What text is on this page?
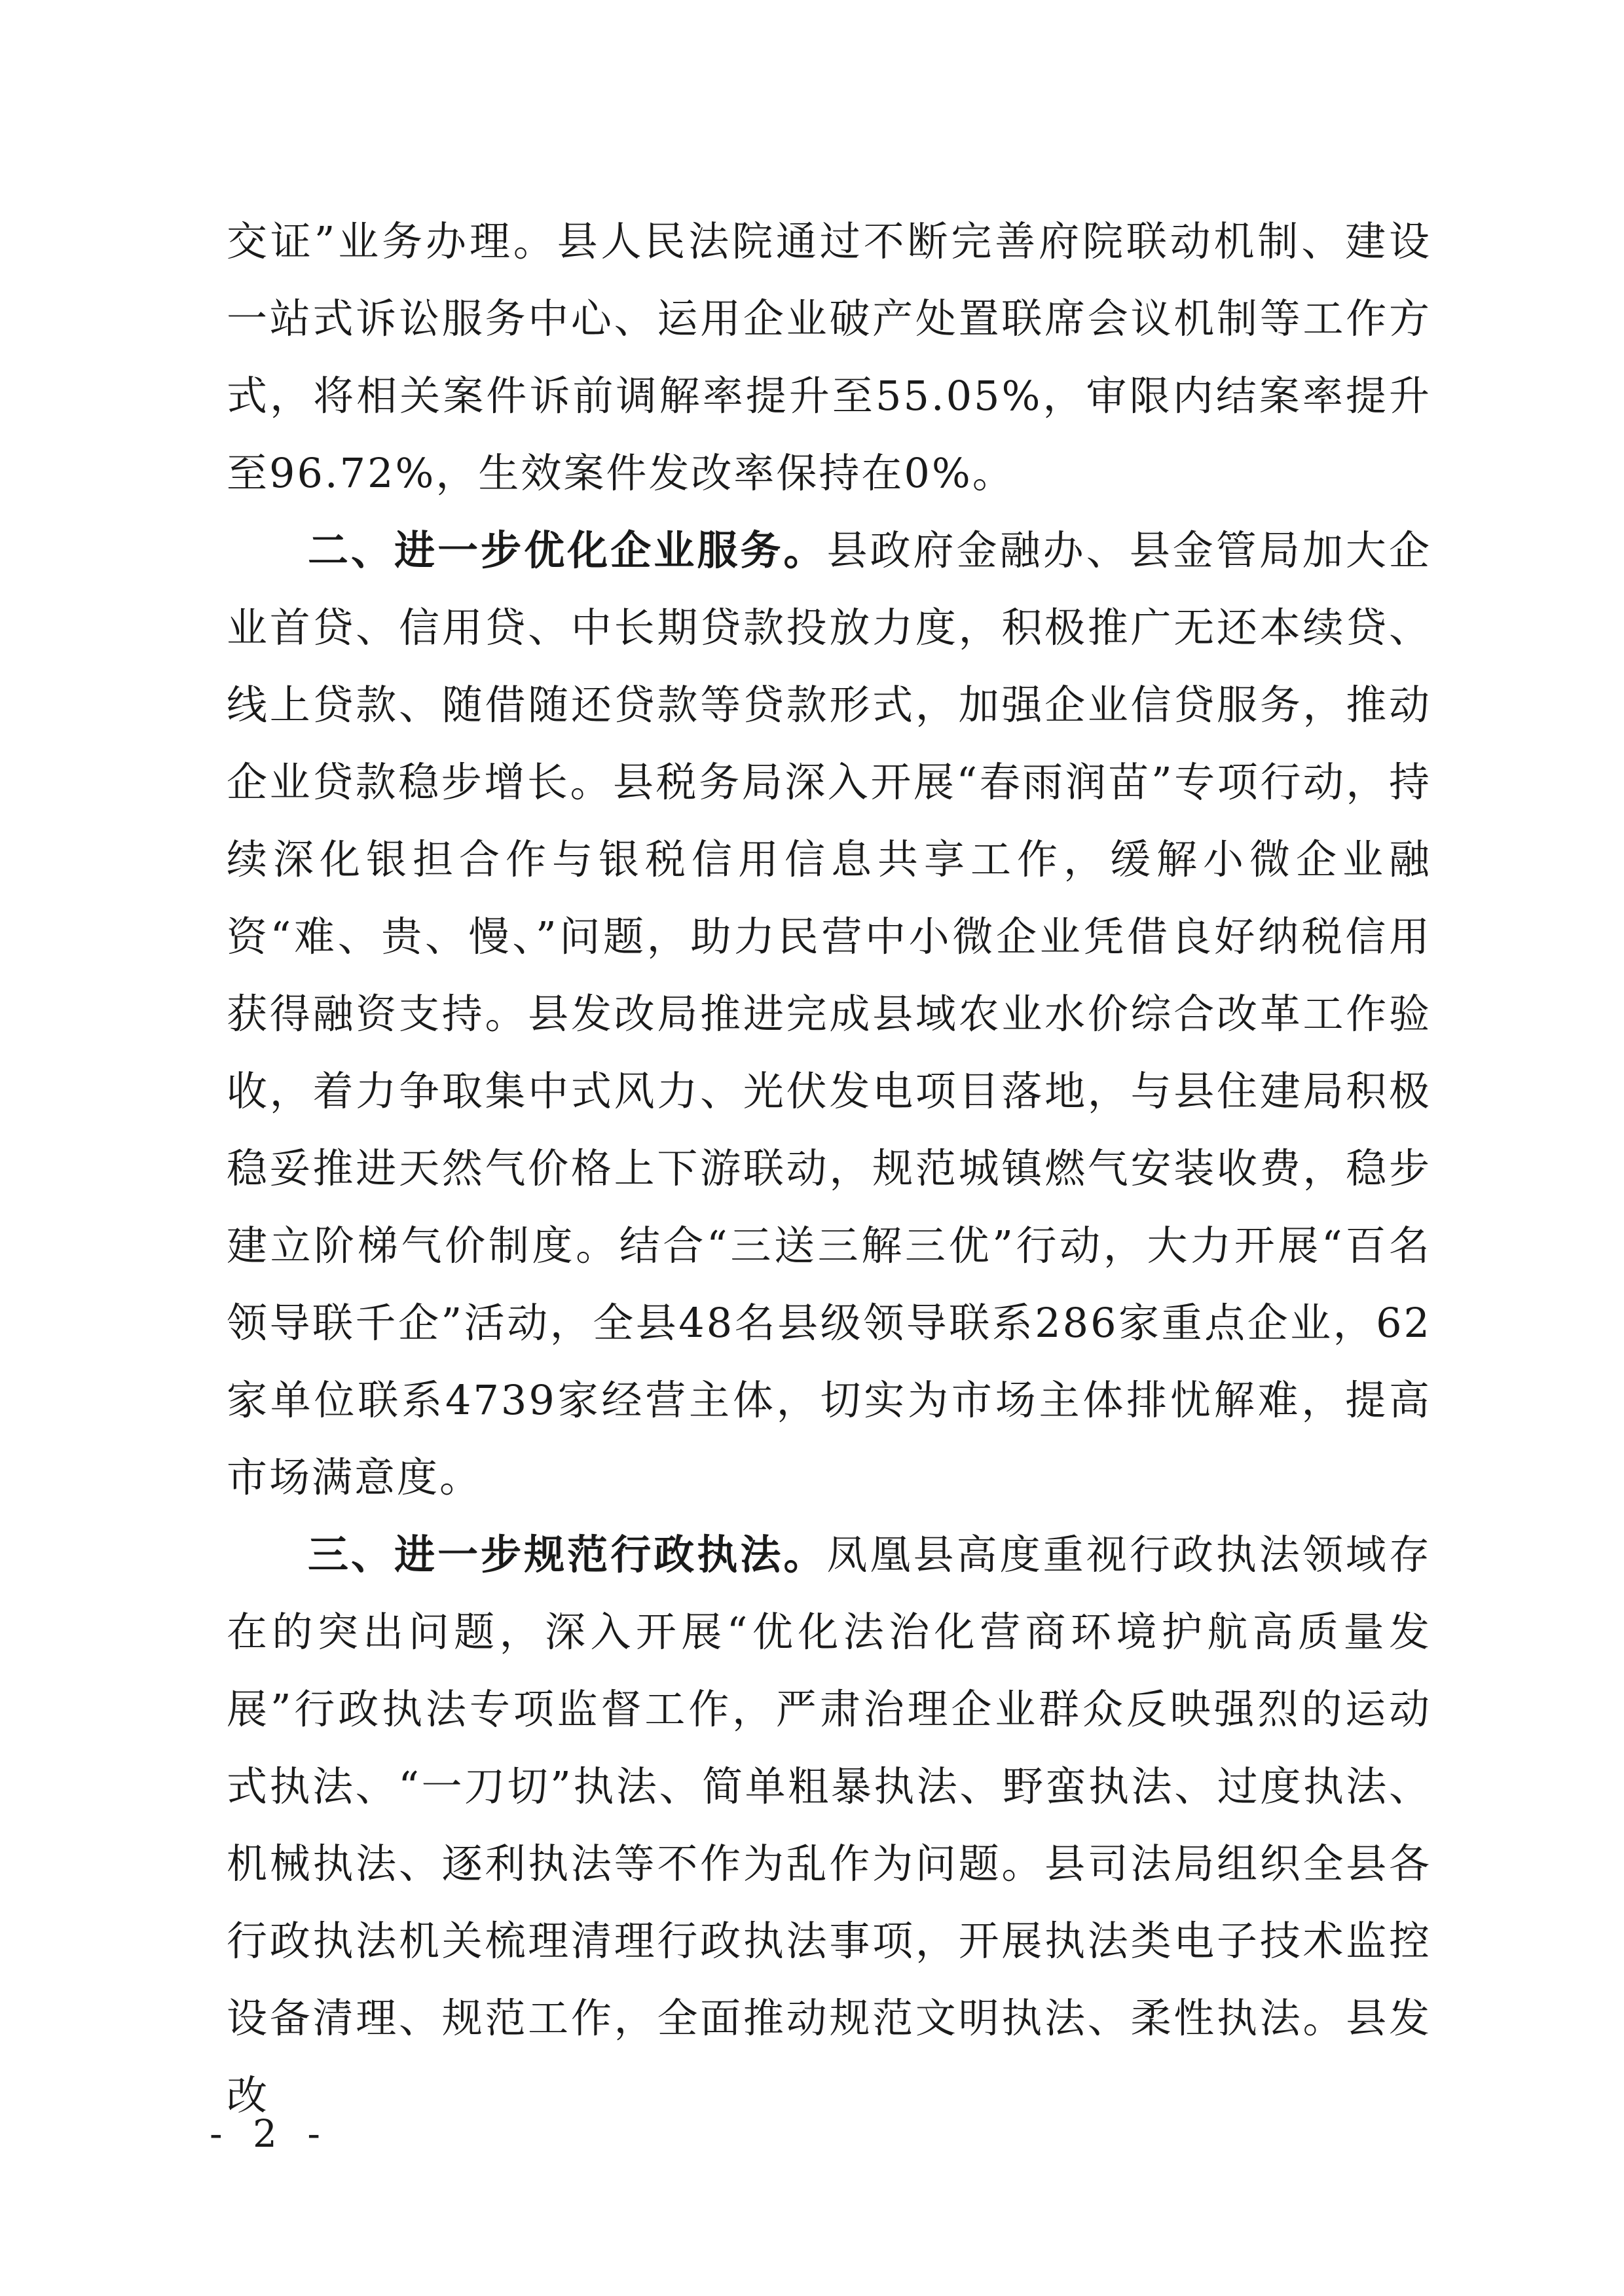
交证”业务办理。县人民法院通过不断完善府院联动机制、建设一站式诉讼服务中心、运用企业破产处置联席会议机制等工作方式，将相关案件诉前调解率提升至55.05%，审限内结案率提升至96.72%，生效案件发改率保持在0%。

二、进一步优化企业服务。县政府金融办、县金管局加大企业首贷、信用贷、中长期贷款投放力度，积极推广无还本续贷、线上贷款、随借随还贷款等贷款形式，加强企业信贷服务，推动企业贷款稳步增长。县税务局深入开展“春雨润苗”专项行动，持续深化银担合作与银税信用信息共享工作，缓解小微企业融资“难、贵、慢、”问题，助力民营中小微企业凭借良好纳税信用获得融资支持。县发改局推进完成县域农业水价综合改革工作验收，着力争取集中式风力、光伏发电项目落地，与县住建局积极稳妥推进天然气价格上下游联动，规范城镇燃气安装收费，稳步建立阶梯气价制度。结合“三送三解三优”行动，大力开展“百名领导联千企”活动，全县48名县级领导联系286家重点企业，62家单位联系4739家经营主体，切实为市场主体排忧解难，提高市场满意度。

三、进一步规范行政执法。凤凰县高度重视行政执法领域存在的突出问题，深入开展“优化法治化营商环境护航高质量发展”行政执法专项监督工作，严肃治理企业群众反映强烈的运动式执法、“一刀切”执法、简单粗暴执法、野蛮执法、过度执法、机械执法、逐利执法等不作为乱作为问题。县司法局组织全县各行政执法机关梳理清理行政执法事项，开展执法类电子技术监控设备清理、规范工作，全面推动规范文明执法、柔性执法。县发改

- 2 -
